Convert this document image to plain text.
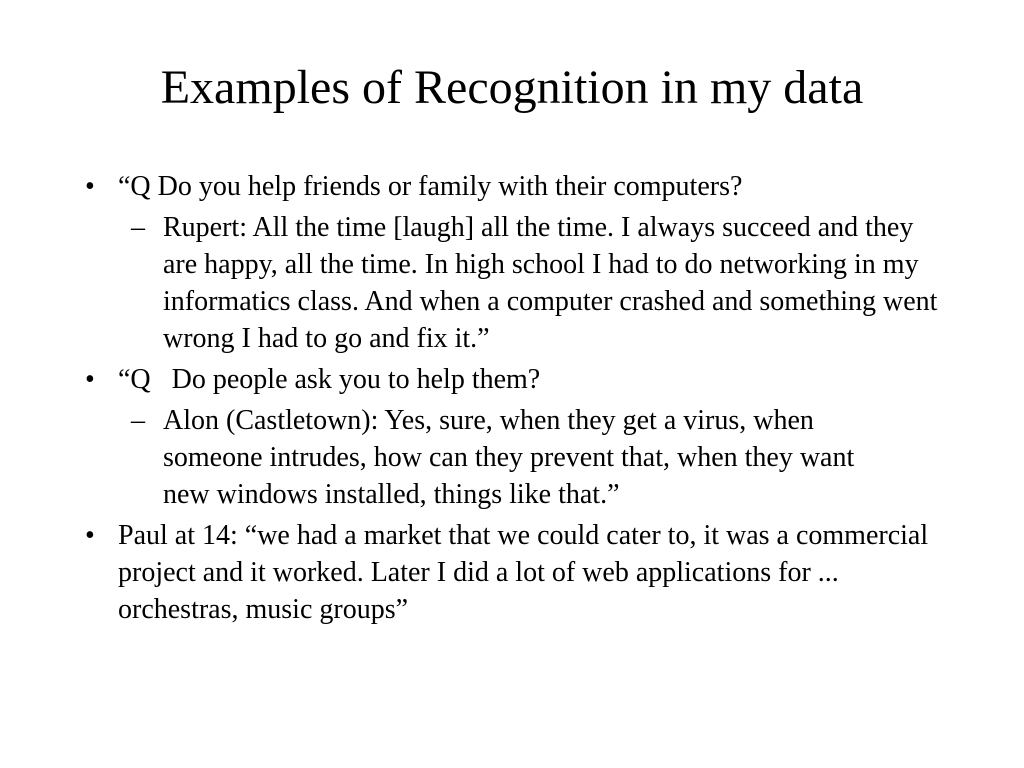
Examples of Recognition in my data
• “Q Do you help friends or family with their computers?
– Rupert: All the time [laugh] all the time. I always succeed and they are happy, all the time. In high school I had to do networking in my informatics class. And when a computer crashed and something went wrong I had to go and fix it.”
• “Q   Do people ask you to help them?
– Alon (Castletown): Yes, sure, when they get a virus, when someone intrudes, how can they prevent that, when they want new windows installed, things like that.”
• Paul at 14: “we had a market that we could cater to, it was a commercial project and it worked. Later I did a lot of web applications for ... orchestras, music groups”
